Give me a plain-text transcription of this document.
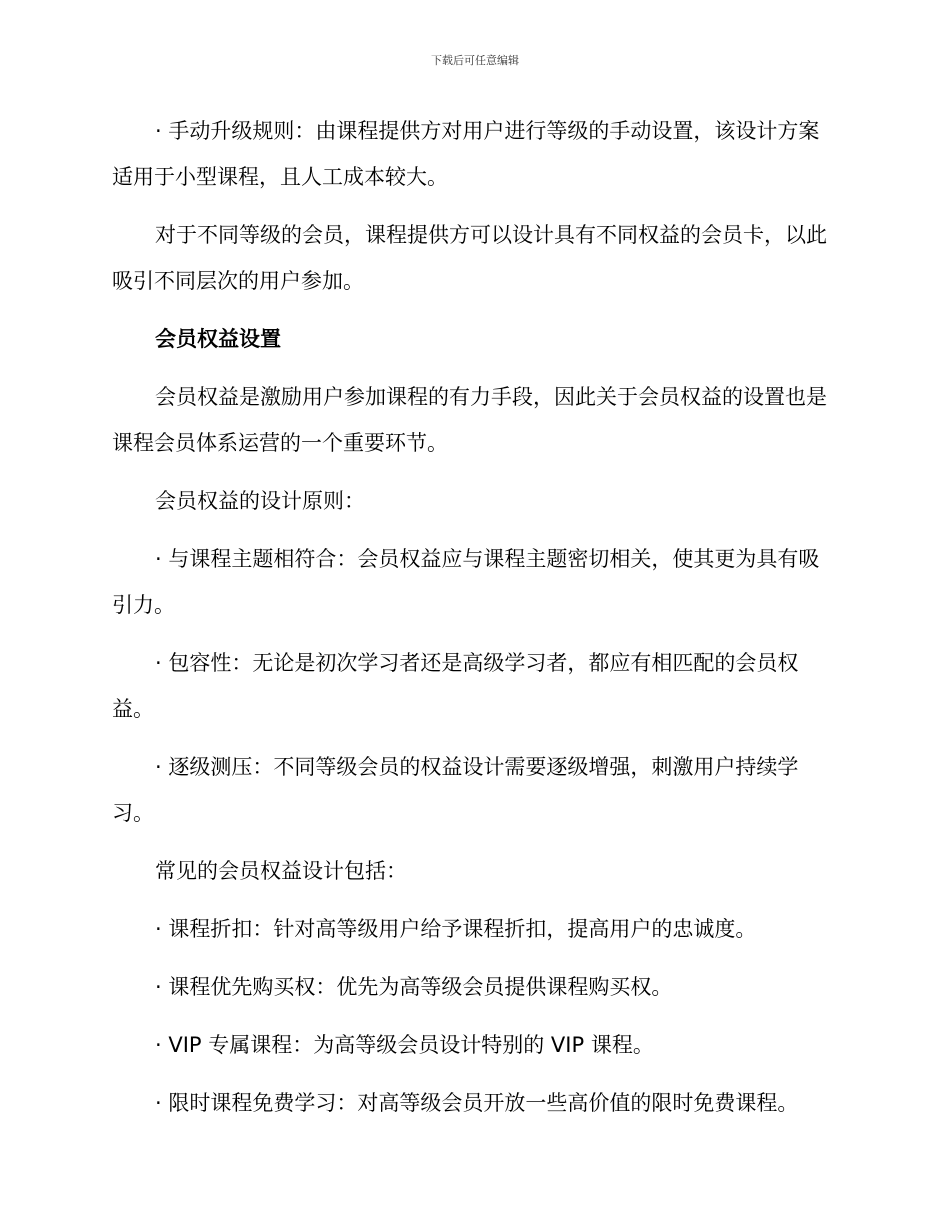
下载后可任意编辑

· 手动升级规则：由课程提供方对用户进行等级的手动设置，该设计方案适用于小型课程，且人工成本较大。

对于不同等级的会员，课程提供方可以设计具有不同权益的会员卡，以此吸引不同层次的用户参加。

会员权益设置

会员权益是激励用户参加课程的有力手段，因此关于会员权益的设置也是课程会员体系运营的一个重要环节。

会员权益的设计原则：

· 与课程主题相符合：会员权益应与课程主题密切相关，使其更为具有吸引力。

· 包容性：无论是初次学习者还是高级学习者，都应有相匹配的会员权益。

· 逐级测压：不同等级会员的权益设计需要逐级增强，刺激用户持续学习。

常见的会员权益设计包括：

· 课程折扣：针对高等级用户给予课程折扣，提高用户的忠诚度。

· 课程优先购买权：优先为高等级会员提供课程购买权。

· VIP 专属课程：为高等级会员设计特别的 VIP 课程。

· 限时课程免费学习：对高等级会员开放一些高价值的限时免费课程。
